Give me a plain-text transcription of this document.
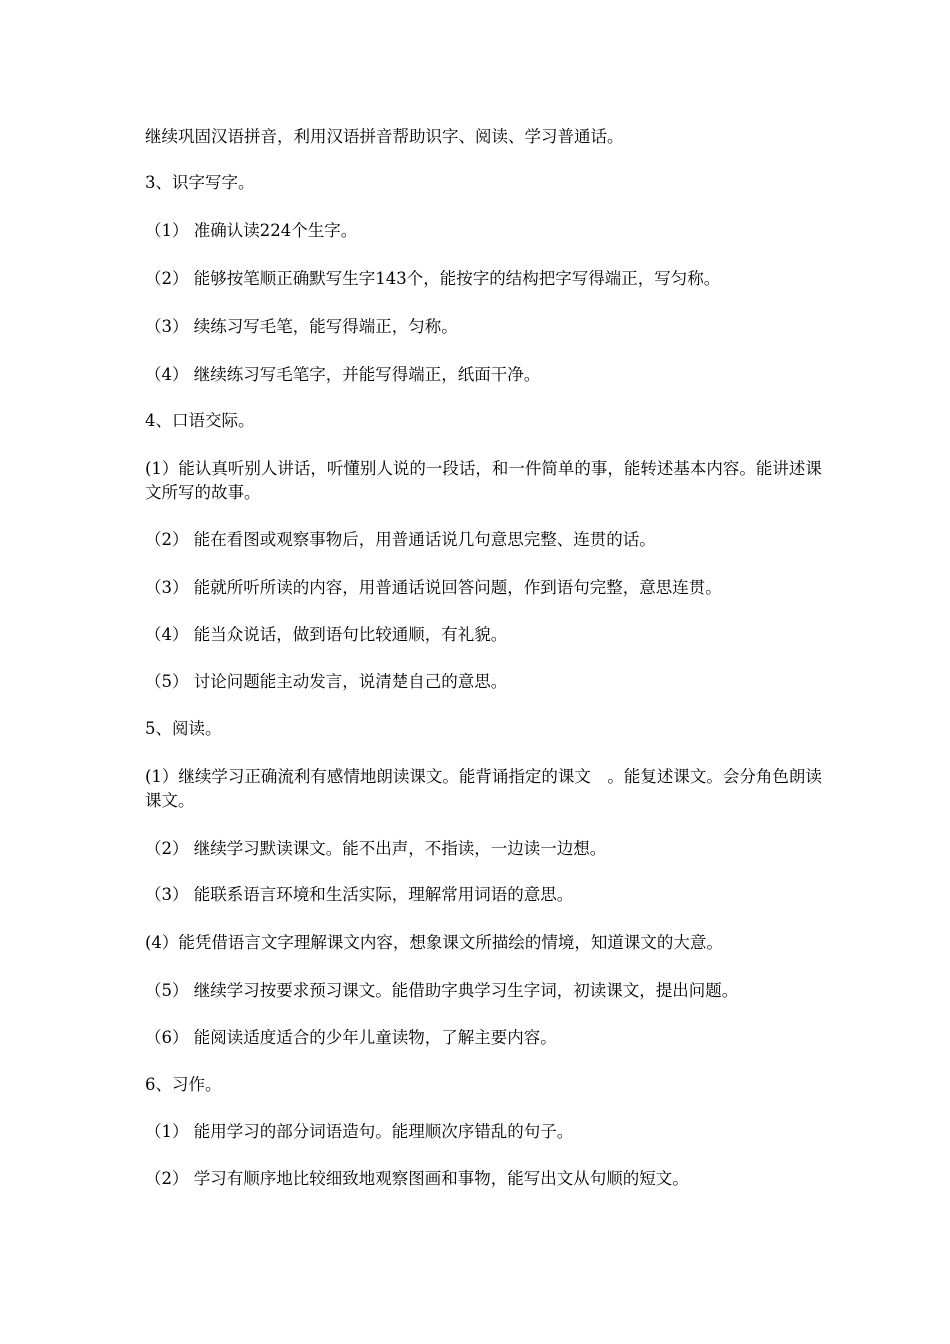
继续巩固汉语拼音，利用汉语拼音帮助识字、阅读、学习普通话。
3、识字写字。
（1） 准确认读224个生字。
（2） 能够按笔顺正确默写生字143个，能按字的结构把字写得端正，写匀称。
（3） 续练习写毛笔，能写得端正，匀称。
（4） 继续练习写毛笔字，并能写得端正，纸面干净。
4、口语交际。
(1）能认真听别人讲话，听懂别人说的一段话，和一件简单的事，能转述基本内容。能讲述课文所写的故事。
（2） 能在看图或观察事物后，用普通话说几句意思完整、连贯的话。
（3） 能就所听所读的内容，用普通话说回答问题，作到语句完整，意思连贯。
（4） 能当众说话，做到语句比较通顺，有礼貌。
（5） 讨论问题能主动发言，说清楚自己的意思。
5、阅读。
(1）继续学习正确流利有感情地朗读课文。能背诵指定的课文　。能复述课文。会分角色朗读课文。
（2） 继续学习默读课文。能不出声，不指读，一边读一边想。
（3） 能联系语言环境和生活实际，理解常用词语的意思。
(4）能凭借语言文字理解课文内容，想象课文所描绘的情境，知道课文的大意。
（5） 继续学习按要求预习课文。能借助字典学习生字词，初读课文，提出问题。
（6） 能阅读适度适合的少年儿童读物，了解主要内容。
6、习作。
（1） 能用学习的部分词语造句。能理顺次序错乱的句子。
（2） 学习有顺序地比较细致地观察图画和事物，能写出文从句顺的短文。
